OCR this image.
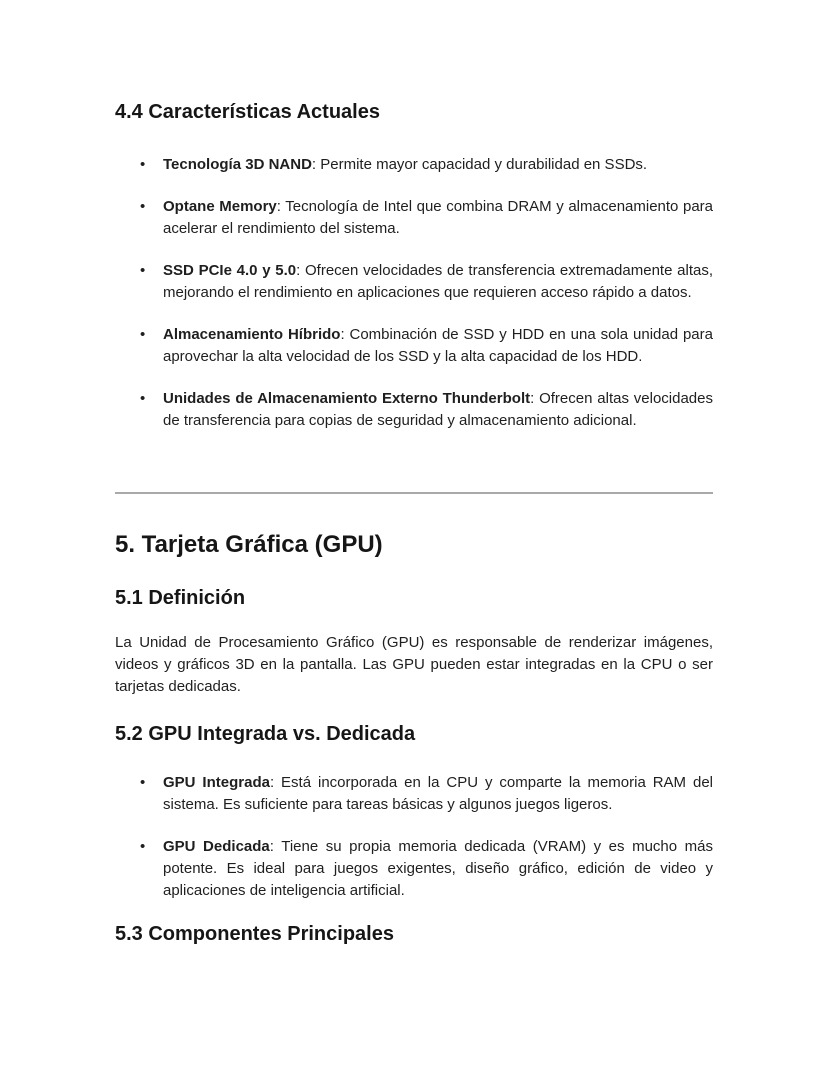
4.4 Características Actuales
• Tecnología 3D NAND: Permite mayor capacidad y durabilidad en SSDs.
• Optane Memory: Tecnología de Intel que combina DRAM y almacenamiento para acelerar el rendimiento del sistema.
• SSD PCIe 4.0 y 5.0: Ofrecen velocidades de transferencia extremadamente altas, mejorando el rendimiento en aplicaciones que requieren acceso rápido a datos.
• Almacenamiento Híbrido: Combinación de SSD y HDD en una sola unidad para aprovechar la alta velocidad de los SSD y la alta capacidad de los HDD.
• Unidades de Almacenamiento Externo Thunderbolt: Ofrecen altas velocidades de transferencia para copias de seguridad y almacenamiento adicional.
5. Tarjeta Gráfica (GPU)
5.1 Definición

La Unidad de Procesamiento Gráfico (GPU) es responsable de renderizar imágenes, videos y gráficos 3D en la pantalla. Las GPU pueden estar integradas en la CPU o ser tarjetas dedicadas.

5.2 GPU Integrada vs. Dedicada
• GPU Integrada: Está incorporada en la CPU y comparte la memoria RAM del sistema. Es suficiente para tareas básicas y algunos juegos ligeros.
• GPU Dedicada: Tiene su propia memoria dedicada (VRAM) y es mucho más potente. Es ideal para juegos exigentes, diseño gráfico, edición de video y aplicaciones de inteligencia artificial.
5.3 Componentes Principales
